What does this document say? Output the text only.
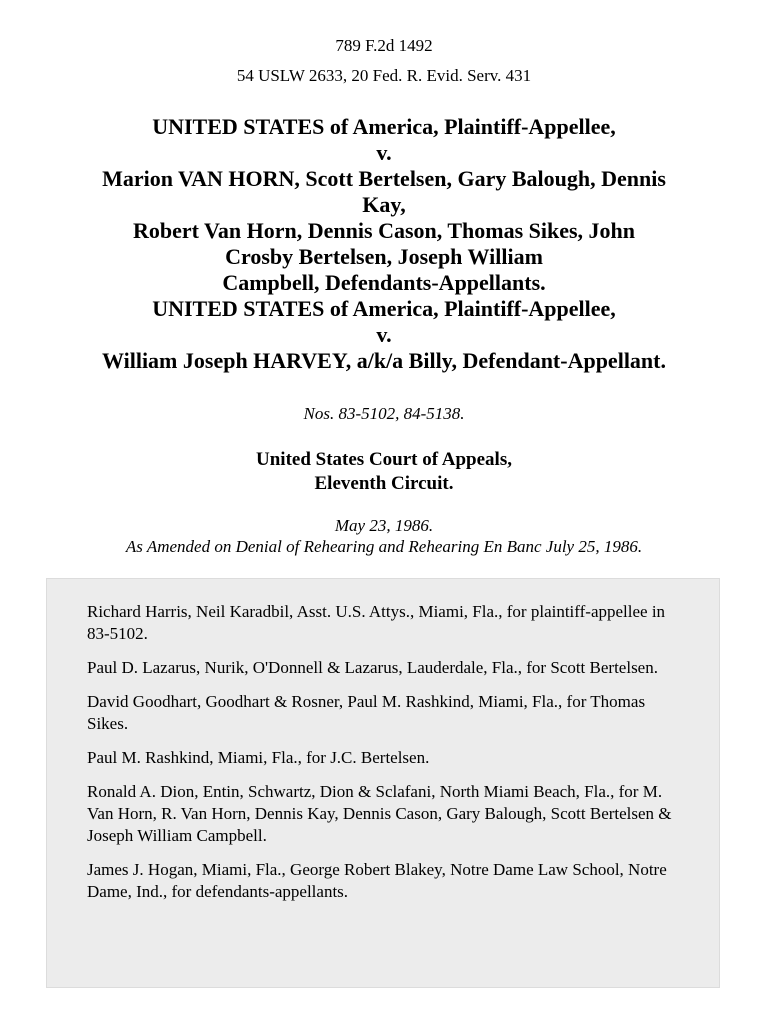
789 F.2d 1492
54 USLW 2633, 20 Fed. R. Evid. Serv. 431
UNITED STATES of America, Plaintiff-Appellee,
v.
Marion VAN HORN, Scott Bertelsen, Gary Balough, Dennis
Kay,
Robert Van Horn, Dennis Cason, Thomas Sikes, John
Crosby Bertelsen, Joseph William
Campbell, Defendants-Appellants.
UNITED STATES of America, Plaintiff-Appellee,
v.
William Joseph HARVEY, a/k/a Billy, Defendant-Appellant.
Nos. 83-5102, 84-5138.
United States Court of Appeals,
Eleventh Circuit.
May 23, 1986.
As Amended on Denial of Rehearing and Rehearing En Banc July 25, 1986.

Richard Harris, Neil Karadbil, Asst. U.S. Attys., Miami, Fla., for plaintiff-appellee in 83-5102.

Paul D. Lazarus, Nurik, O'Donnell & Lazarus, Lauderdale, Fla., for Scott Bertelsen.

David Goodhart, Goodhart & Rosner, Paul M. Rashkind, Miami, Fla., for Thomas Sikes.

Paul M. Rashkind, Miami, Fla., for J.C. Bertelsen.

Ronald A. Dion, Entin, Schwartz, Dion & Sclafani, North Miami Beach, Fla., for M. Van Horn, R. Van Horn, Dennis Kay, Dennis Cason, Gary Balough, Scott Bertelsen & Joseph William Campbell.

James J. Hogan, Miami, Fla., George Robert Blakey, Notre Dame Law School, Notre Dame, Ind., for defendants-appellants.
